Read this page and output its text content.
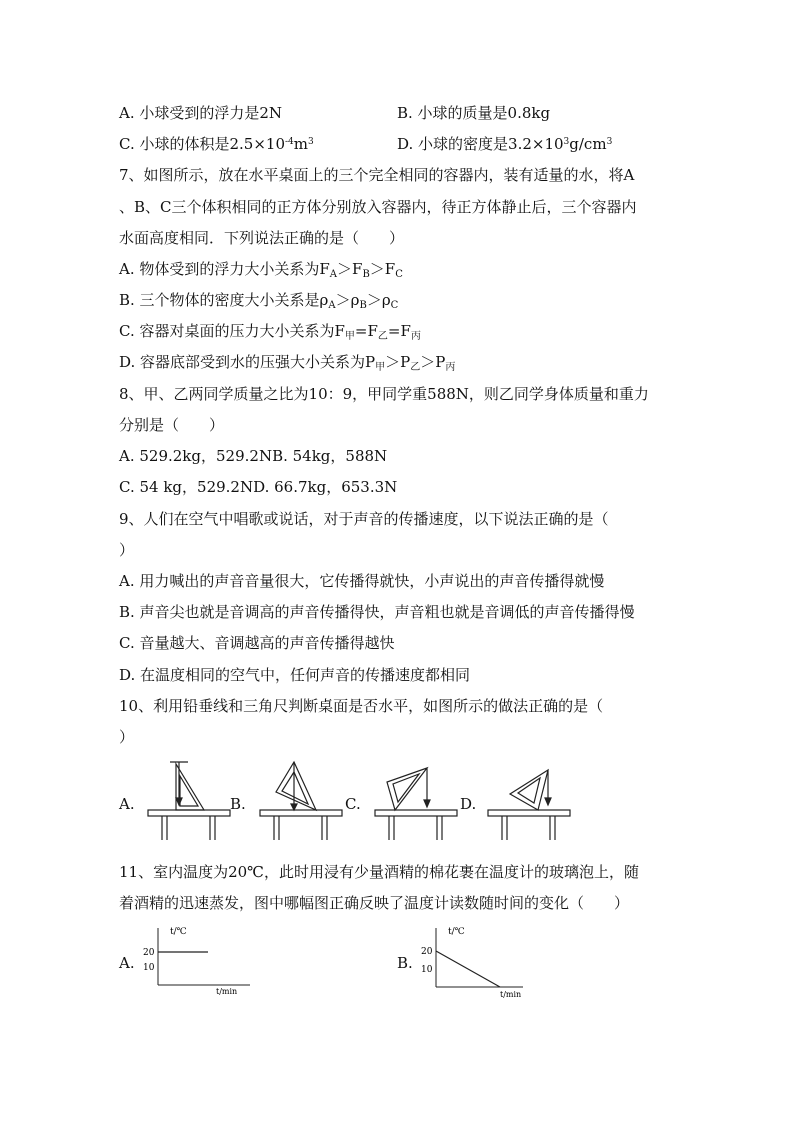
A. 小球受到的浮力是2N	B. 小球的质量是0.8kg
C. 小球的体积是$2.5\times 10^{-4}m^3$	D. 小球的密度是$3.2\times 10^3g/cm^3$
7、如图所示，放在水平桌面上的三个完全相同的容器内，装有适量的水，将A
、B、C三个体积相同的正方体分别放入容器内，待正方体静止后，三个容器内
水面高度相同．下列说法正确的是（　　）
A. 物体受到的浮力大小关系为$F_A>F_B>F_C$
B. 三个物体的密度大小关系是$\rho_A>\rho_B>\rho_C$
C. 容器对桌面的压力大小关系为$F_甲=F_乙=F_丙$
D. 容器底部受到水的压强大小关系为$P_甲>P_乙>P_丙$
8、甲、乙两同学质量之比为10：9，甲同学重588N，则乙同学身体质量和重力
分别是（　　）
A. 529.2kg，529.2NB. 54kg，588N
C. 54 kg，529.2ND. 66.7kg，653.3N
9、人们在空气中唱歌或说话，对于声音的传播速度，以下说法正确的是（
）
A. 用力喊出的声音音量很大，它传播得就快，小声说出的声音传播得就慢
B. 声音尖也就是音调高的声音传播得快，声音粗也就是音调低的声音传播得慢
C. 音量越大、音调越高的声音传播得越快
D. 在温度相同的空气中，任何声音的传播速度都相同
10、利用铅垂线和三角尺判断桌面是否水平，如图所示的做法正确的是（
）
A.	B.	C.	D.
11、室内温度为20℃，此时用浸有少量酒精的棉花裹在温度计的玻璃泡上，随
着酒精的迅速蒸发，图中哪幅图正确反映了温度计读数随时间的变化（　　）
A.
t/℃
20
10
t/min
B.
t/℃
20
10
t/min
